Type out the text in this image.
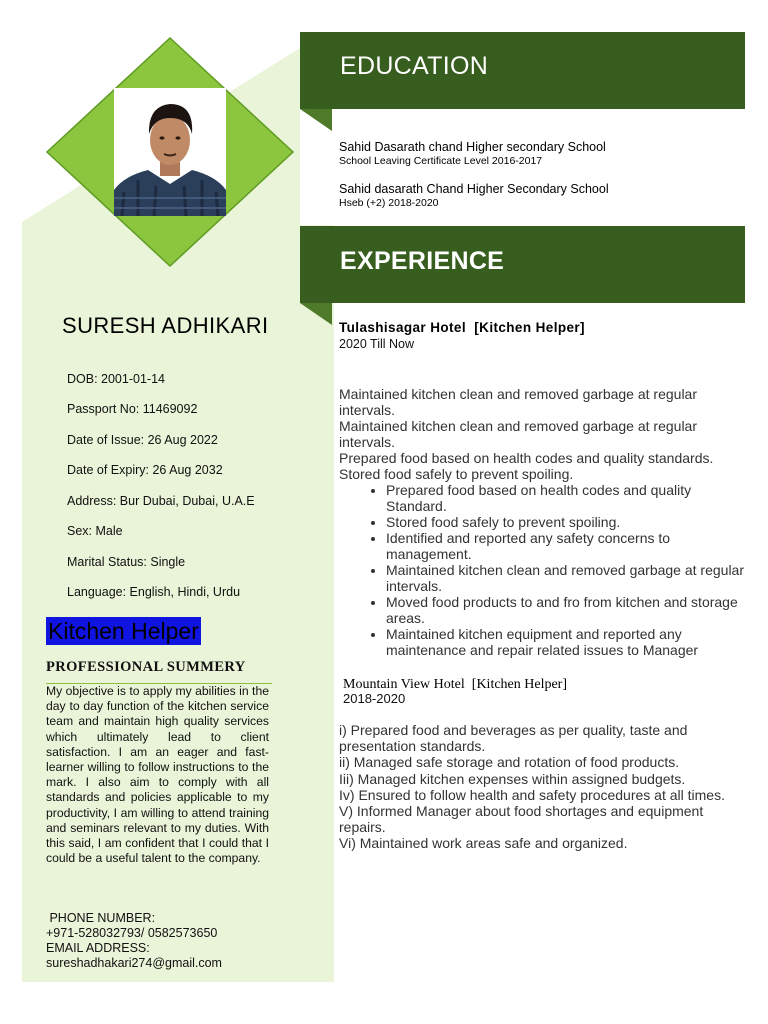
EDUCATION
Sahid Dasarath chand Higher secondary School
School Leaving Certificate Level 2016-2017
Sahid dasarath Chand Higher Secondary School
Hseb (+2) 2018-2020
EXPERIENCE
SURESH ADHIKARI
DOB: 2001-01-14
Passport No: 11469092
Date of Issue: 26 Aug 2022
Date of Expiry: 26 Aug 2032
Address: Bur Dubai, Dubai, U.A.E
Sex: Male
Marital Status: Single
Language: English, Hindi, Urdu
Kitchen Helper
PROFESSIONAL SUMMERY
My objective is to apply my abilities in the day to day function of the kitchen service team and maintain high quality services which ultimately lead to client satisfaction. I am an eager and fast-learner willing to follow instructions to the mark. I also aim to comply with all standards and policies applicable to my productivity, I am willing to attend training and seminars relevant to my duties. With this said, I am confident that I could that I could be a useful talent to the company.
PHONE NUMBER:
+971-528032793/ 0582573650
EMAIL ADDRESS:
sureshadhakari274@gmail.com
Tulashisagar Hotel  [Kitchen Helper]
2020 Till Now
Maintained kitchen clean and removed garbage at regular intervals.
Maintained kitchen clean and removed garbage at regular intervals.
Prepared food based on health codes and quality standards.
Stored food safely to prevent spoiling.
• Prepared food based on health codes and quality Standard.
• Stored food safely to prevent spoiling.
• Identified and reported any safety concerns to management.
• Maintained kitchen clean and removed garbage at regular intervals.
• Moved food products to and fro from kitchen and storage areas.
• Maintained kitchen equipment and reported any maintenance and repair related issues to Manager
Mountain View Hotel  [Kitchen Helper]
2018-2020
i) Prepared food and beverages as per quality, taste and presentation standards.
ii) Managed safe storage and rotation of food products.
Iii) Managed kitchen expenses within assigned budgets.
Iv) Ensured to follow health and safety procedures at all times.
V) Informed Manager about food shortages and equipment repairs.
Vi) Maintained work areas safe and organized.
